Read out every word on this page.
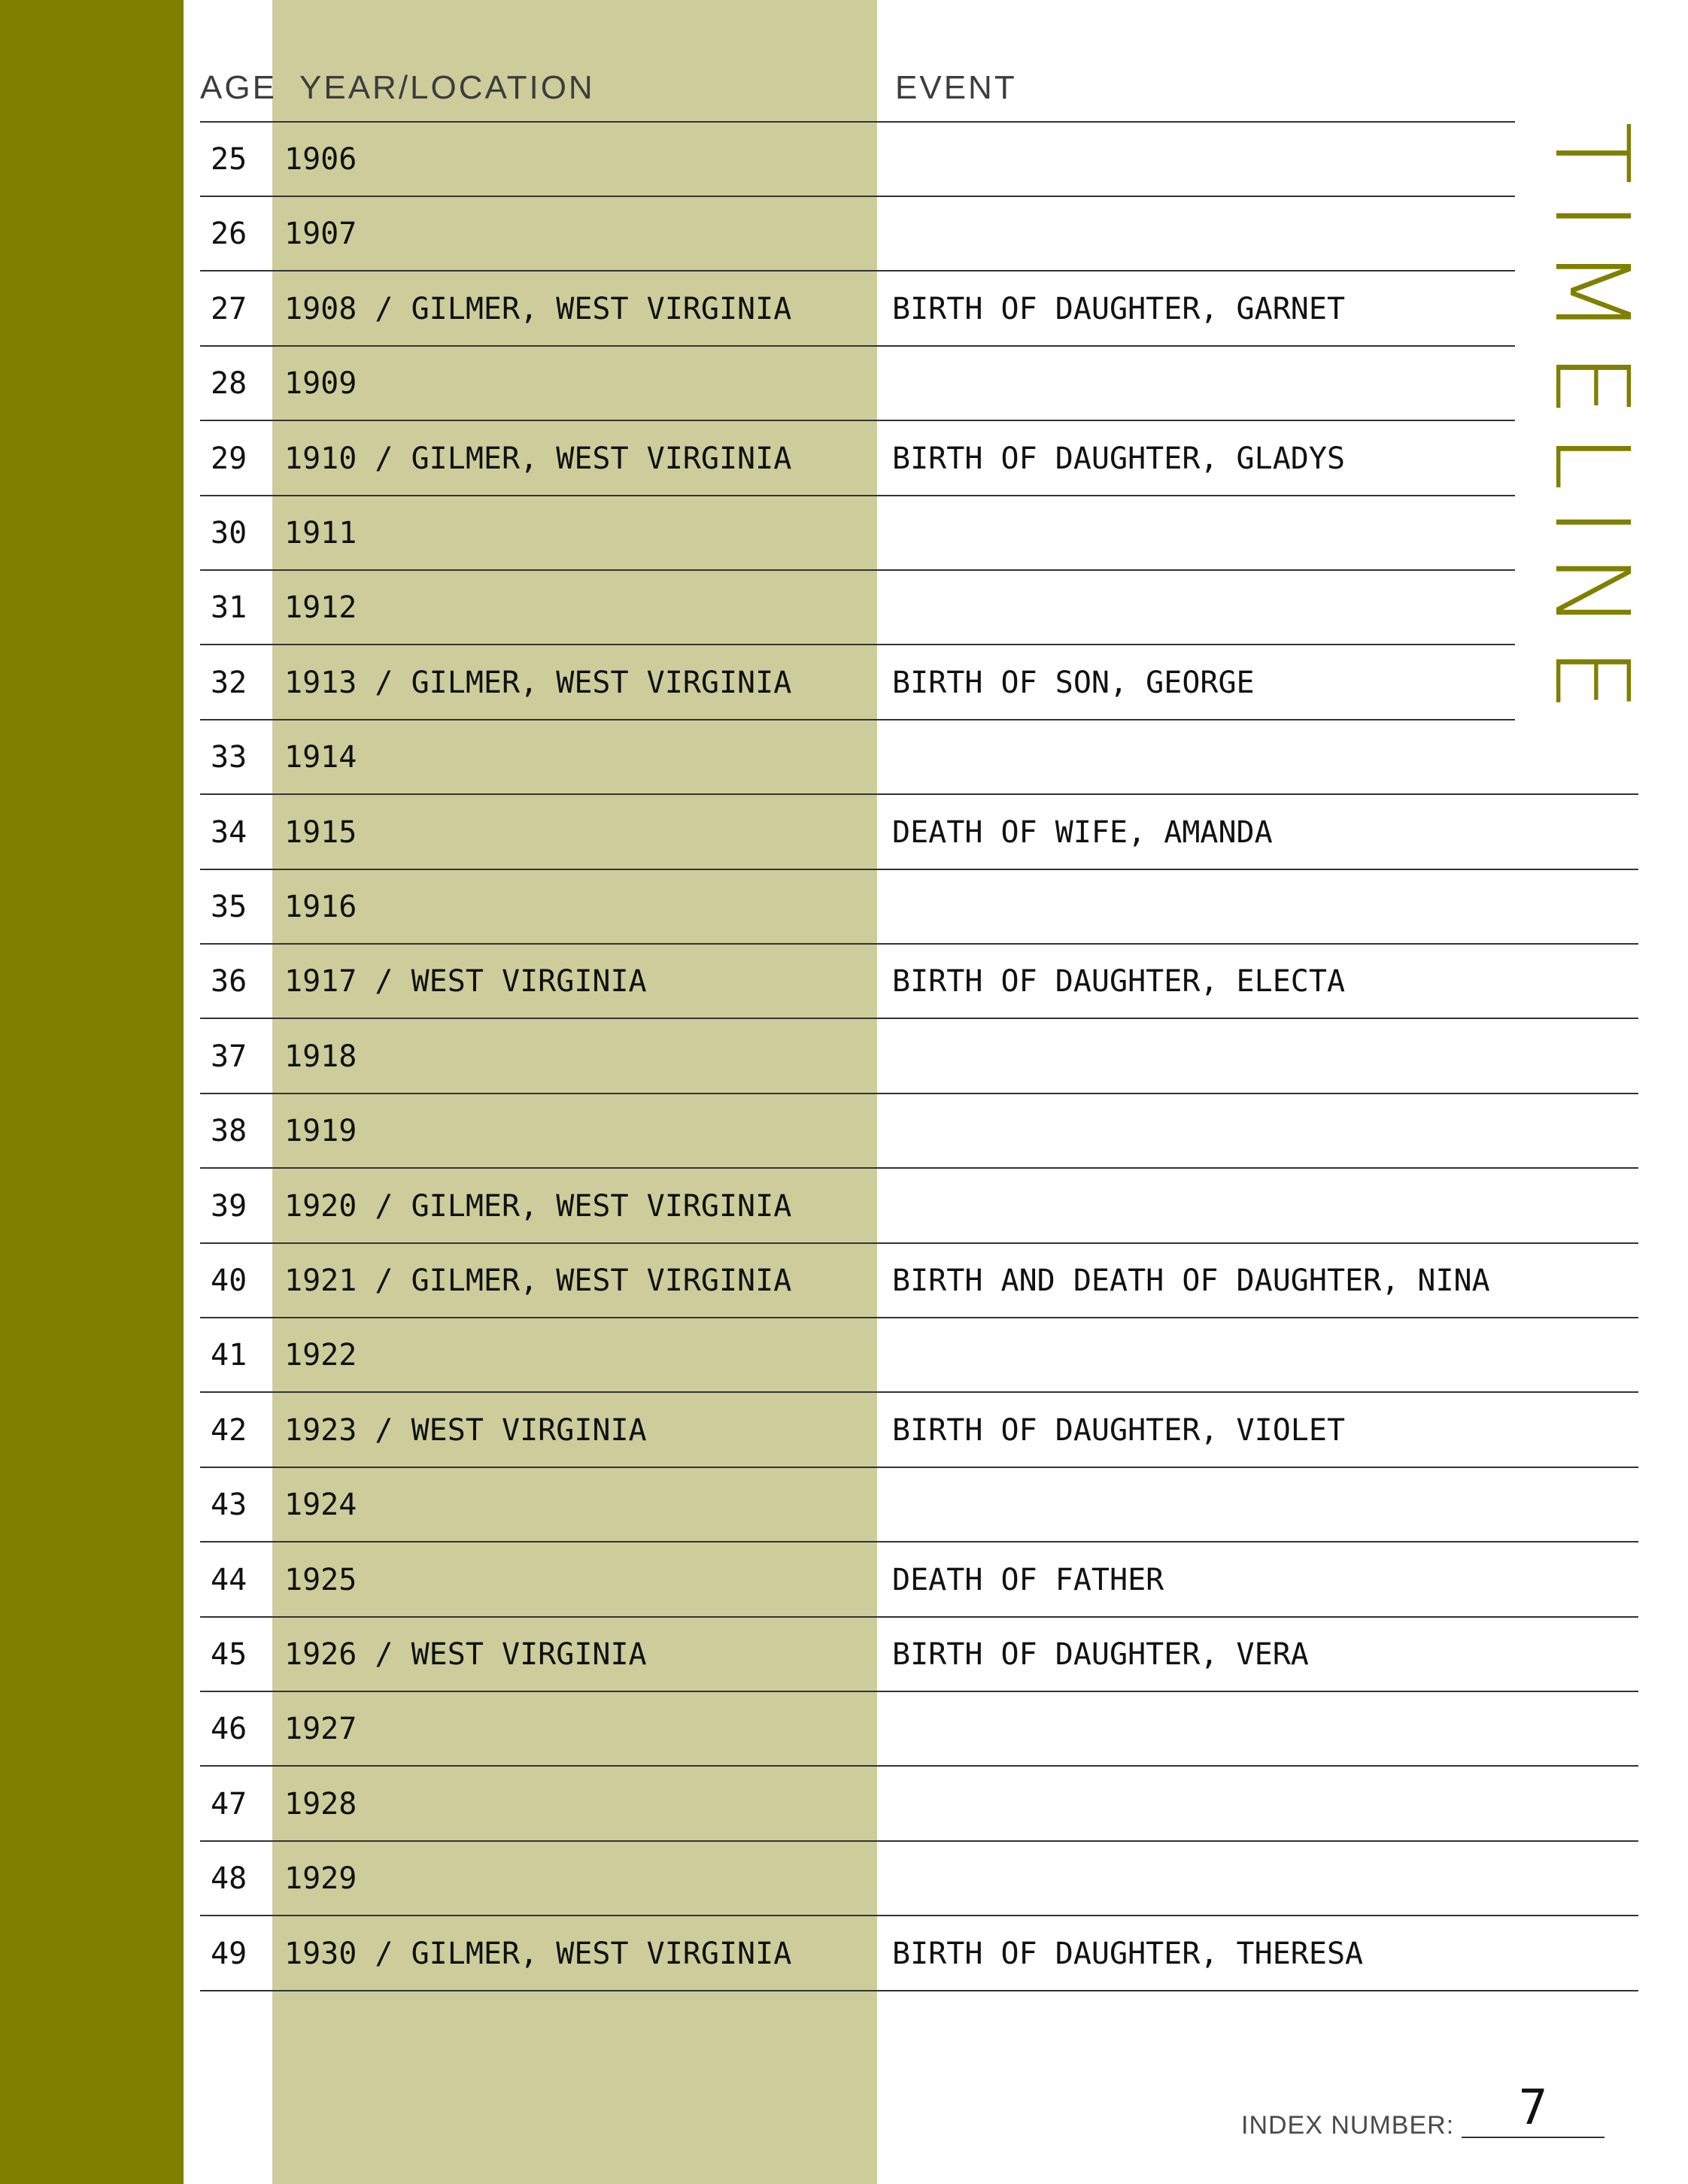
AGE YEAR/LOCATION	EVENT
TIMELINE
25 1906
26 1907
27 1908 / GILMER, WEST VIRGINIA	BIRTH OF DAUGHTER, GARNET
28 1909
29 1910 / GILMER, WEST VIRGINIA	BIRTH OF DAUGHTER, GLADYS
30 1911
31 1912
32 1913 / GILMER, WEST VIRGINIA	BIRTH OF SON, GEORGE
33 1914
34 1915	DEATH OF WIFE, AMANDA
35 1916
36 1917 / WEST VIRGINIA	BIRTH OF DAUGHTER, ELECTA
37 1918
38 1919
39 1920 / GILMER, WEST VIRGINIA
40 1921 / GILMER, WEST VIRGINIA	BIRTH AND DEATH OF DAUGHTER, NINA
41 1922
42 1923 / WEST VIRGINIA	BIRTH OF DAUGHTER, VIOLET
43 1924
44 1925	DEATH OF FATHER
45 1926 / WEST VIRGINIA	BIRTH OF DAUGHTER, VERA
46 1927
47 1928
48 1929
49 1930 / GILMER, WEST VIRGINIA	BIRTH OF DAUGHTER, THERESA
INDEX NUMBER:	7
